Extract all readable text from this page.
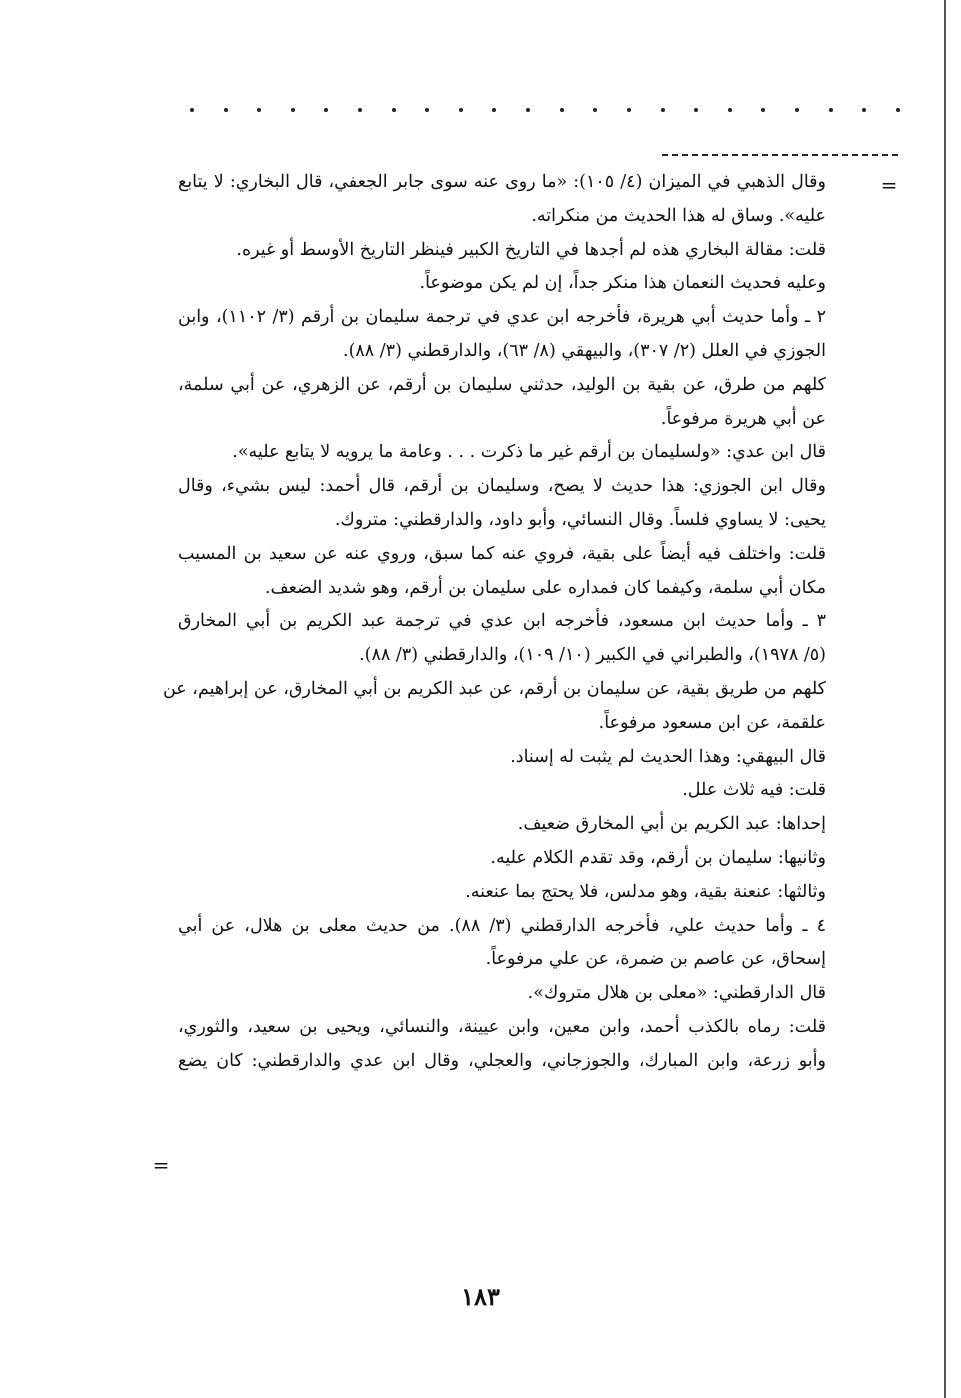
=
وقال الذهبي في الميزان (٤/ ١٠٥): «ما روى عنه سوى جابر الجعفي، قال البخاري: لا يتابع
عليه». وساق له هذا الحديث من منكراته.
قلت: مقالة البخاري هذه لم أجدها في التاريخ الكبير فينظر التاريخ الأوسط أو غيره.
وعليه فحديث النعمان هذا منكر جداً، إن لم يكن موضوعاً.
٢ ـ وأما حديث أبي هريرة، فأخرجه ابن عدي في ترجمة سليمان بن أرقم (٣/ ١١٠٢)، وابن
الجوزي في العلل (٢/ ٣٠٧)، والبيهقي (٨/ ٦٣)، والدارقطني (٣/ ٨٨).
كلهم من طرق، عن بقية بن الوليد، حدثني سليمان بن أرقم، عن الزهري، عن أبي سلمة،
عن أبي هريرة مرفوعاً.
قال ابن عدي: «ولسليمان بن أرقم غير ما ذكرت . . . وعامة ما يرويه لا يتابع عليه».
وقال ابن الجوزي: هذا حديث لا يصح، وسليمان بن أرقم، قال أحمد: ليس بشيء، وقال
يحيى: لا يساوي فلساً. وقال النسائي، وأبو داود، والدارقطني: متروك.
قلت: واختلف فيه أيضاً على بقية، فروي عنه كما سبق، وروي عنه عن سعيد بن المسيب
مكان أبي سلمة، وكيفما كان فمداره على سليمان بن أرقم، وهو شديد الضعف.
٣ ـ وأما حديث ابن مسعود، فأخرجه ابن عدي في ترجمة عبد الكريم بن أبي المخارق
(٥/ ١٩٧٨)، والطبراني في الكبير (١٠/ ١٠٩)، والدارقطني (٣/ ٨٨).
كلهم من طريق بقية، عن سليمان بن أرقم، عن عبد الكريم بن أبي المخارق، عن إبراهيم، عن
علقمة، عن ابن مسعود مرفوعاً.
قال البيهقي: وهذا الحديث لم يثبت له إسناد.
قلت: فيه ثلاث علل.
إحداها: عبد الكريم بن أبي المخارق ضعيف.
وثانيها: سليمان بن أرقم، وقد تقدم الكلام عليه.
وثالثها: عنعنة بقية، وهو مدلس، فلا يحتج بما عنعنه.
٤ ـ وأما حديث علي، فأخرجه الدارقطني (٣/ ٨٨). من حديث معلى بن هلال، عن أبي
إسحاق، عن عاصم بن ضمرة، عن علي مرفوعاً.
قال الدارقطني: «معلى بن هلال متروك».
قلت: رماه بالكذب أحمد، وابن معين، وابن عيينة، والنسائي، ويحيى بن سعيد، والثوري،
وأبو زرعة، وابن المبارك، والجوزجاني، والعجلي، وقال ابن عدي والدارقطني: كان يضع
=
١٨٣
